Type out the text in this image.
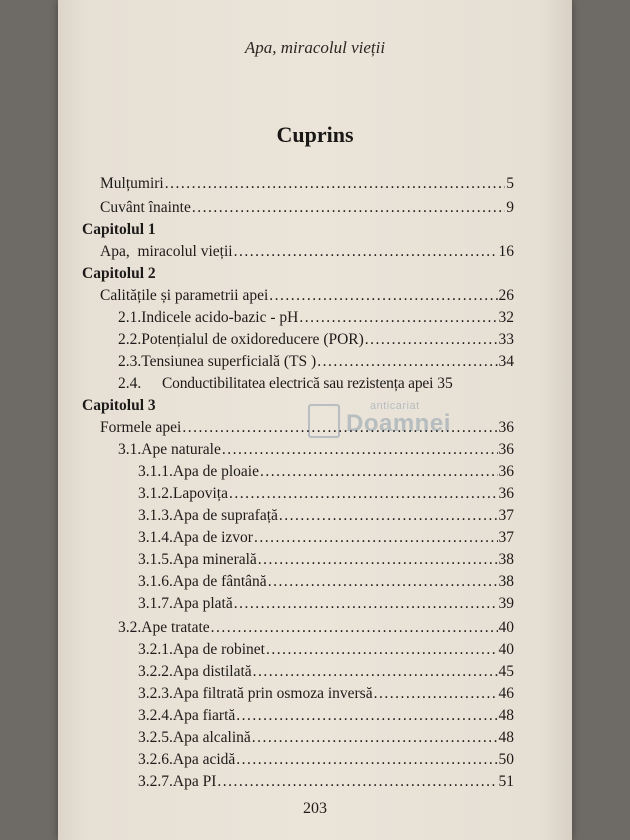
Apa, miracolul vieții
Cuprins
anticariat
Doamnei
Mulțumiri .....	5
Cuvânt înainte .....	9
Capitolul 1
Apa,  miracolul vieții .....	16
Capitolul 2
Calitățile și parametrii apei .....	26
2.1. Indicele acido-bazic - pH .....	32
2.2. Potențialul de oxidoreducere (POR) .....	33
2.3. Tensiunea superficială (TS ) .....	34
2.4.	Conductibilitatea electrică sau rezistența apei 35
Capitolul 3
Formele apei .....	36
3.1. Ape naturale .....	36
3.1.1. Apa de ploaie .....	36
3.1.2. Lapovița .....	36
3.1.3. Apa de suprafață .....	37
3.1.4. Apa de izvor .....	37
3.1.5. Apa minerală .....	38
3.1.6. Apa de fântână .....	38
3.1.7. Apa plată .....	39
3.2. Ape tratate .....	40
3.2.1. Apa de robinet .....	40
3.2.2. Apa distilată .....	45
3.2.3. Apa filtrată prin osmoza inversă .....	46
3.2.4. Apa fiartă .....	48
3.2.5. Apa alcalină .....	48
3.2.6. Apa acidă .....	50
3.2.7. Apa PI .....	51
203
